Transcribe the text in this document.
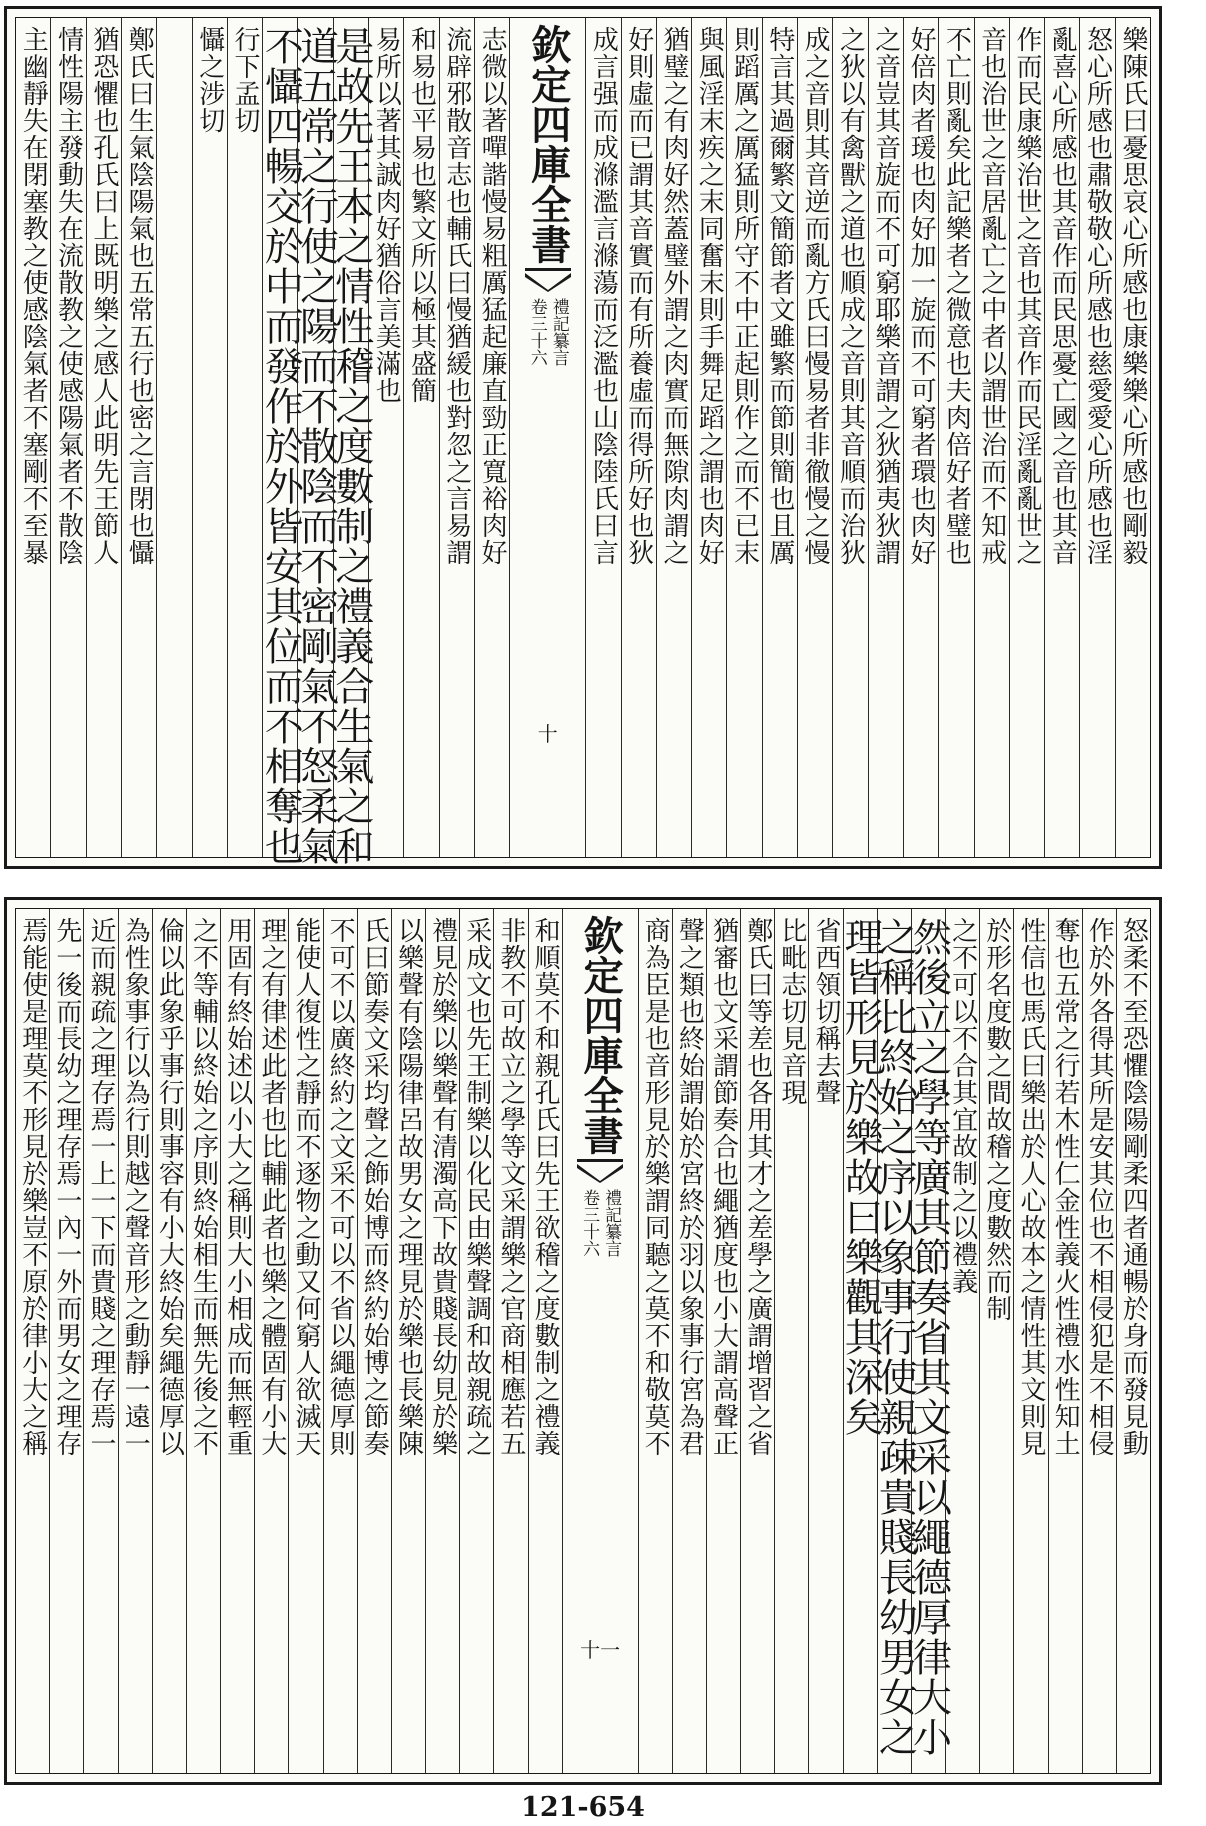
樂陳氏曰憂思哀心所感也康樂樂心所感也剛毅
怒心所感也肅敬敬心所感也慈愛愛心所感也淫
亂喜心所感也其音作而民思憂亡國之音也其音
作而民康樂治世之音也其音作而民淫亂亂世之
音也治世之音居亂亡之中者以謂世治而不知戒
不亡則亂矣此記樂者之微意也夫肉倍好者璧也
好倍肉者瑗也肉好加一旋而不可窮者環也肉好
之音豈其音旋而不可窮耶樂音謂之狄猶夷狄謂
之狄以有禽獸之道也順成之音則其音順而治狄
成之音則其音逆而亂方氏曰慢易者非徹慢之慢
特言其過爾繁文簡節者文雖繁而節則簡也且厲
則蹈厲之厲猛則所守不中正起則作之而不已末
與風淫末疾之末同奮末則手舞足蹈之謂也肉好
猶璧之有肉好然蓋璧外謂之肉實而無隙肉謂之
好則虛而已謂其音實而有所養虛而得所好也狄
成言强而成滌濫言滌蕩而泛濫也山陰陸氏曰言
欽定四庫全書
禮記纂言
卷三十六
十
志微以著嘽諧慢易粗厲猛起廉直勁正寬裕肉好
流辟邪散音志也輔氏曰慢猶緩也對忽之言易謂
和易也平易也繁文所以極其盛簡
易所以著其誠肉好猶俗言美滿也
是故先王本之情性稽之度數制之禮義合生氣之和
道五常之行使之陽而不散陰而不密剛氣不怒柔氣
不懾四暢交於中而發作於外皆安其位而不相奪也
行下孟切
懾之涉切
鄭氏曰生氣陰陽氣也五常五行也密之言閉也懾
猶恐懼也孔氏曰上既明樂之感人此明先王節人
情性陽主發動失在流散教之使感陽氣者不散陰
主幽靜失在閉塞教之使感陰氣者不塞剛不至暴
怒柔不至恐懼陰陽剛柔四者通暢於身而發見動
作於外各得其所是安其位也不相侵犯是不相侵
奪也五常之行若木性仁金性義火性禮水性知土
性信也馬氏曰樂出於人心故本之情性其文則見
於形名度數之間故稽之度數然而制
之不可以不合其宜故制之以禮義
然後立之學等廣其節奏省其文采以繩德厚律大小
之稱比終始之序以象事行使親疎貴賤長幼男女之
理皆形見於樂故曰樂觀其深矣
省西領切稱去聲
比毗志切見音現
鄭氏曰等差也各用其才之差學之廣謂增習之省
猶審也文采謂節奏合也繩猶度也小大謂高聲正
聲之類也終始謂始於宮終於羽以象事行宮為君
商為臣是也音形見於樂謂同聽之莫不和敬莫不
欽定四庫全書
禮記纂言
卷三十六
十一
和順莫不和親孔氏曰先王欲稽之度數制之禮義
非教不可故立之學等文采謂樂之官商相應若五
采成文也先王制樂以化民由樂聲調和故親疏之
禮見於樂以樂聲有清濁高下故貴賤長幼見於樂
以樂聲有陰陽律呂故男女之理見於樂也長樂陳
氏曰節奏文采均聲之飾始博而終約始博之節奏
不可不以廣終約之文采不可以不省以繩德厚則
能使人復性之靜而不逐物之動又何窮人欲滅天
理之有律述此者也比輔此者也樂之體固有小大
用固有終始述以小大之稱則大小相成而無輕重
之不等輔以終始之序則終始相生而無先後之不
倫以此象乎事行則事容有小大終始矣繩德厚以
為性象事行以為行則越之聲音形之動靜一遠一
近而親疏之理存焉一上一下而貴賤之理存焉一
先一後而長幼之理存焉一內一外而男女之理存
焉能使是理莫不形見於樂豈不原於律小大之稱
121-654
